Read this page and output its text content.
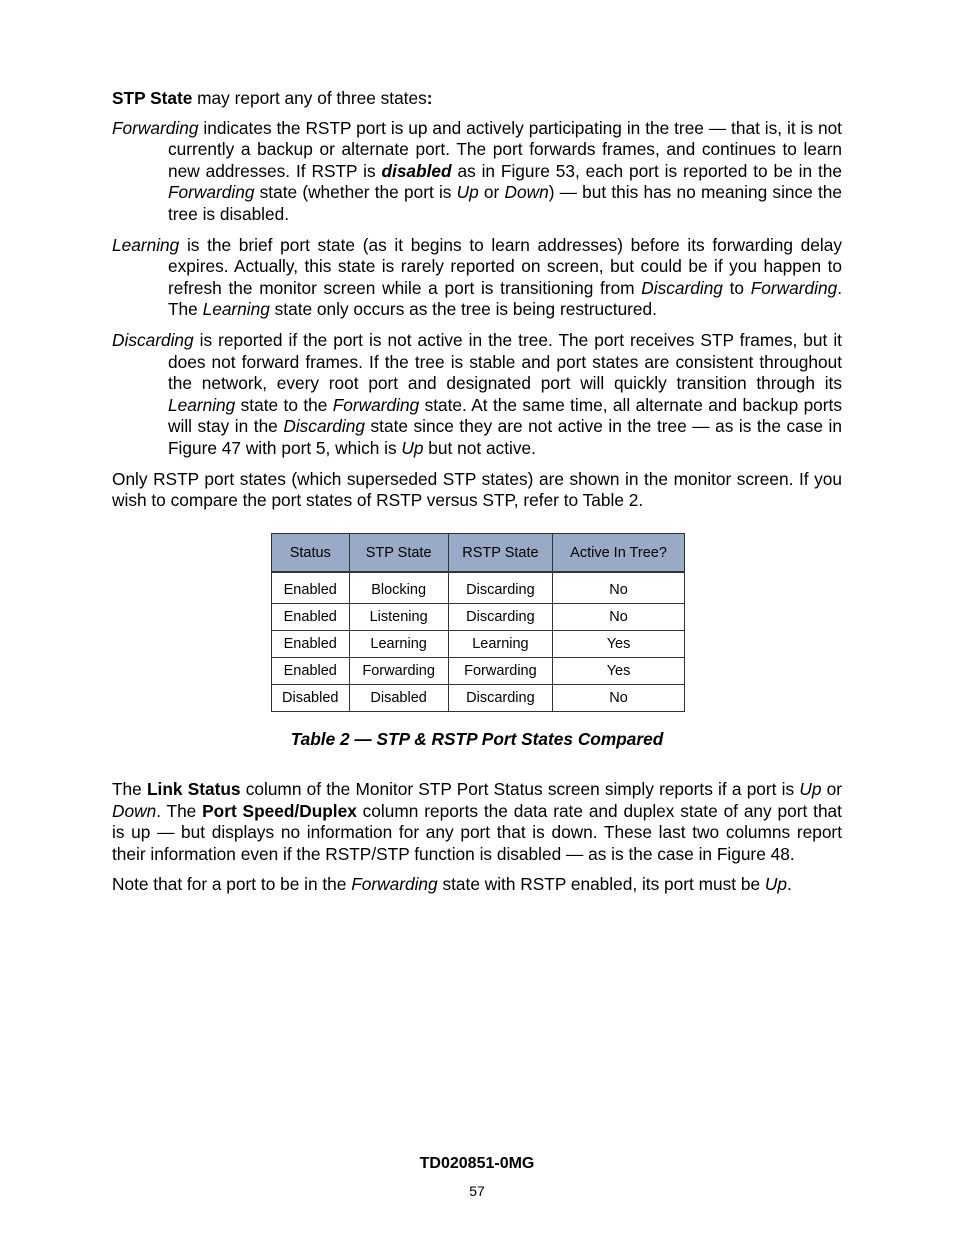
STP State may report any of three states:

Forwarding indicates the RSTP port is up and actively participating in the tree — that is, it is not currently a backup or alternate port. The port forwards frames, and continues to learn new addresses. If RSTP is disabled as in Figure 53, each port is reported to be in the Forwarding state (whether the port is Up or Down) — but this has no meaning since the tree is disabled.

Learning is the brief port state (as it begins to learn addresses) before its forwarding delay expires. Actually, this state is rarely reported on screen, but could be if you happen to refresh the monitor screen while a port is transitioning from Discarding to Forwarding. The Learning state only occurs as the tree is being restructured.

Discarding is reported if the port is not active in the tree. The port receives STP frames, but it does not forward frames. If the tree is stable and port states are consistent throughout the network, every root port and designated port will quickly transition through its Learning state to the Forwarding state. At the same time, all alternate and backup ports will stay in the Discarding state since they are not active in the tree — as is the case in Figure 47 with port 5, which is Up but not active.

Only RSTP port states (which superseded STP states) are shown in the monitor screen. If you wish to compare the port states of RSTP versus STP, refer to Table 2.

Status	STP State	RSTP State	Active In Tree?
Enabled	Blocking	Discarding	No
Enabled	Listening	Discarding	No
Enabled	Learning	Learning	Yes
Enabled	Forwarding	Forwarding	Yes
Disabled	Disabled	Discarding	No
Table 2 — STP & RSTP Port States Compared

The Link Status column of the Monitor STP Port Status screen simply reports if a port is Up or Down. The Port Speed/Duplex column reports the data rate and duplex state of any port that is up — but displays no information for any port that is down. These last two columns report their information even if the RSTP/STP function is disabled — as is the case in Figure 48.

Note that for a port to be in the Forwarding state with RSTP enabled, its port must be Up.

TD020851-0MG
57
